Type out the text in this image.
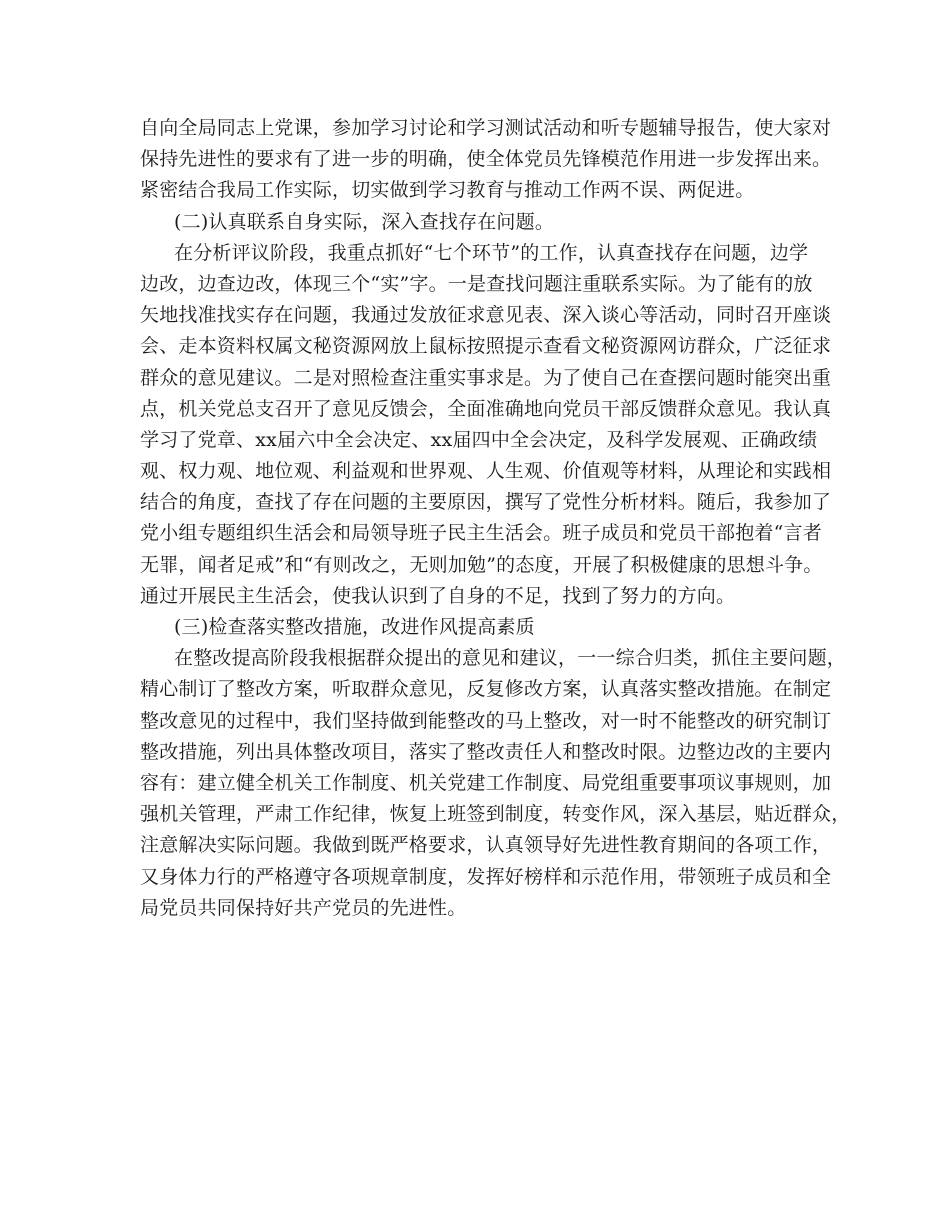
自向全局同志上党课，参加学习讨论和学习测试活动和听专题辅导报告，使大家对
保持先进性的要求有了进一步的明确，使全体党员先锋模范作用进一步发挥出来。
紧密结合我局工作实际，切实做到学习教育与推动工作两不误、两促进。
(二)认真联系自身实际，深入查找存在问题。
在分析评议阶段，我重点抓好“七个环节”的工作，认真查找存在问题，边学
边改，边查边改，体现三个“实”字。一是查找问题注重联系实际。为了能有的放
矢地找准找实存在问题，我通过发放征求意见表、深入谈心等活动，同时召开座谈
会、走本资料权属文秘资源网放上鼠标按照提示查看文秘资源网访群众，广泛征求
群众的意见建议。二是对照检查注重实事求是。为了使自己在查摆问题时能突出重
点，机关党总支召开了意见反馈会，全面准确地向党员干部反馈群众意见。我认真
学习了党章、xx届六中全会决定、xx届四中全会决定，及科学发展观、正确政绩
观、权力观、地位观、利益观和世界观、人生观、价值观等材料，从理论和实践相
结合的角度，查找了存在问题的主要原因，撰写了党性分析材料。随后，我参加了
党小组专题组织生活会和局领导班子民主生活会。班子成员和党员干部抱着“言者
无罪，闻者足戒”和“有则改之，无则加勉”的态度，开展了积极健康的思想斗争。
通过开展民主生活会，使我认识到了自身的不足，找到了努力的方向。
(三)检查落实整改措施，改进作风提高素质
在整改提高阶段我根据群众提出的意见和建议，一一综合归类，抓住主要问题，
精心制订了整改方案，听取群众意见，反复修改方案，认真落实整改措施。在制定
整改意见的过程中，我们坚持做到能整改的马上整改，对一时不能整改的研究制订
整改措施，列出具体整改项目，落实了整改责任人和整改时限。边整边改的主要内
容有：建立健全机关工作制度、机关党建工作制度、局党组重要事项议事规则，加
强机关管理，严肃工作纪律，恢复上班签到制度，转变作风，深入基层，贴近群众，
注意解决实际问题。我做到既严格要求，认真领导好先进性教育期间的各项工作，
又身体力行的严格遵守各项规章制度，发挥好榜样和示范作用，带领班子成员和全
局党员共同保持好共产党员的先进性。
